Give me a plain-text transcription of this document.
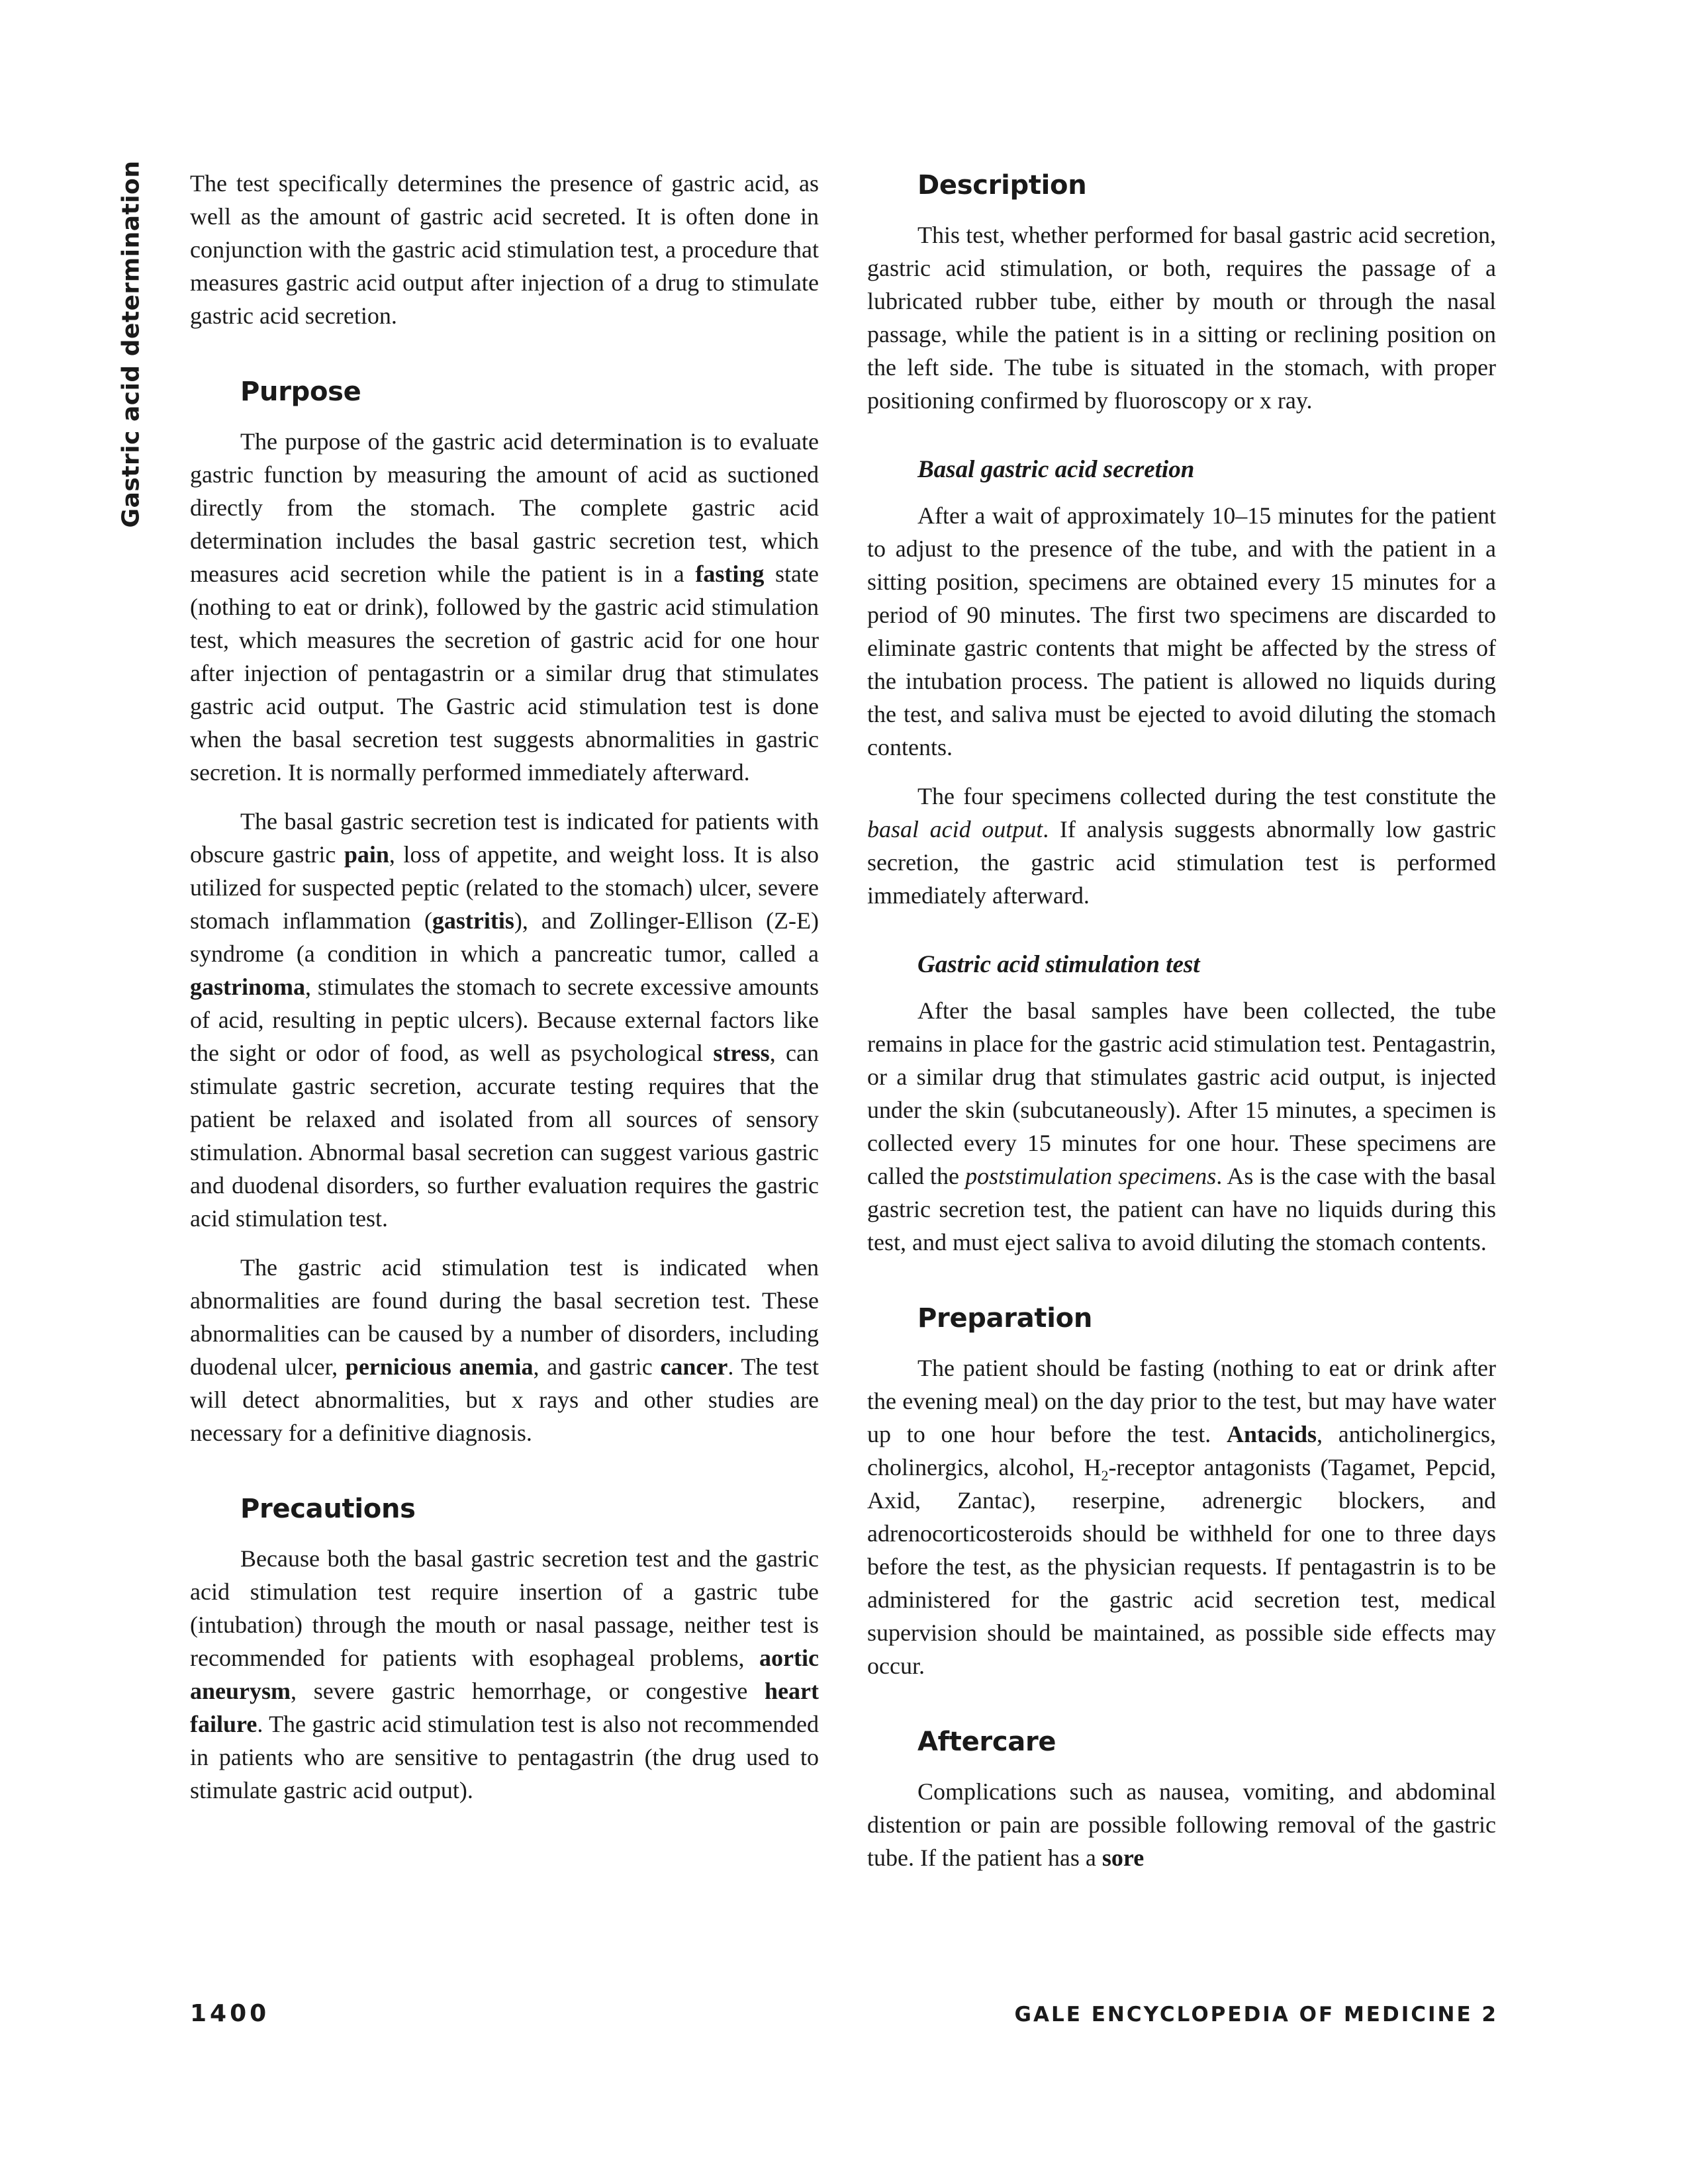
Gastric acid determination The test specifically determines the presence of gastric acid, as well as the amount of gastric acid secreted. It is often done in conjunction with the gastric acid stimulation test, a procedure that measures gastric acid output after injection of a drug to stimulate gastric acid secretion.

Purpose

The purpose of the gastric acid determination is to evaluate gastric function by measuring the amount of acid as suctioned directly from the stomach. The complete gastric acid determination includes the basal gastric secretion test, which measures acid secretion while the patient is in a fasting state (nothing to eat or drink), followed by the gastric acid stimulation test, which measures the secretion of gastric acid for one hour after injection of pentagastrin or a similar drug that stimulates gastric acid output. The Gastric acid stimulation test is done when the basal secretion test suggests abnormalities in gastric secretion. It is normally performed immediately afterward.

The basal gastric secretion test is indicated for patients with obscure gastric pain, loss of appetite, and weight loss. It is also utilized for suspected peptic (related to the stomach) ulcer, severe stomach inflammation (gastritis), and Zollinger-Ellison (Z-E) syndrome (a condition in which a pancreatic tumor, called a gastrinoma, stimulates the stomach to secrete excessive amounts of acid, resulting in peptic ulcers). Because external factors like the sight or odor of food, as well as psychological stress, can stimulate gastric secretion, accurate testing requires that the patient be relaxed and isolated from all sources of sensory stimulation. Abnormal basal secretion can suggest various gastric and duodenal disorders, so further evaluation requires the gastric acid stimulation test.

The gastric acid stimulation test is indicated when abnormalities are found during the basal secretion test. These abnormalities can be caused by a number of disorders, including duodenal ulcer, pernicious anemia, and gastric cancer. The test will detect abnormalities, but x rays and other studies are necessary for a definitive diagnosis.

Precautions

Because both the basal gastric secretion test and the gastric acid stimulation test require insertion of a gastric tube (intubation) through the mouth or nasal passage, neither test is recommended for patients with esophageal problems, aortic aneurysm, severe gastric hemorrhage, or congestive heart failure. The gastric acid stimulation test is also not recommended in patients who are sensitive to pentagastrin (the drug used to stimulate gastric acid output).

Description

This test, whether performed for basal gastric acid secretion, gastric acid stimulation, or both, requires the passage of a lubricated rubber tube, either by mouth or through the nasal passage, while the patient is in a sitting or reclining position on the left side. The tube is situated in the stomach, with proper positioning confirmed by fluoroscopy or x ray.

Basal gastric acid secretion

After a wait of approximately 10–15 minutes for the patient to adjust to the presence of the tube, and with the patient in a sitting position, specimens are obtained every 15 minutes for a period of 90 minutes. The first two specimens are discarded to eliminate gastric contents that might be affected by the stress of the intubation process. The patient is allowed no liquids during the test, and saliva must be ejected to avoid diluting the stomach contents.

The four specimens collected during the test constitute the basal acid output. If analysis suggests abnormally low gastric secretion, the gastric acid stimulation test is performed immediately afterward.

Gastric acid stimulation test

After the basal samples have been collected, the tube remains in place for the gastric acid stimulation test. Pentagastrin, or a similar drug that stimulates gastric acid output, is injected under the skin (subcutaneously). After 15 minutes, a specimen is collected every 15 minutes for one hour. These specimens are called the poststimulation specimens. As is the case with the basal gastric secretion test, the patient can have no liquids during this test, and must eject saliva to avoid diluting the stomach contents.

Preparation

The patient should be fasting (nothing to eat or drink after the evening meal) on the day prior to the test, but may have water up to one hour before the test. Antacids, anticholinergics, cholinergics, alcohol, $H_2$-receptor antagonists (Tagamet, Pepcid, Axid, Zantac), reserpine, adrenergic blockers, and adrenocorticosteroids should be withheld for one to three days before the test, as the physician requests. If pentagastrin is to be administered for the gastric acid secretion test, medical supervision should be maintained, as possible side effects may occur.

Aftercare

Complications such as nausea, vomiting, and abdominal distention or pain are possible following removal of the gastric tube. If the patient has a sore

1400	GALE ENCYCLOPEDIA OF MEDICINE 2
